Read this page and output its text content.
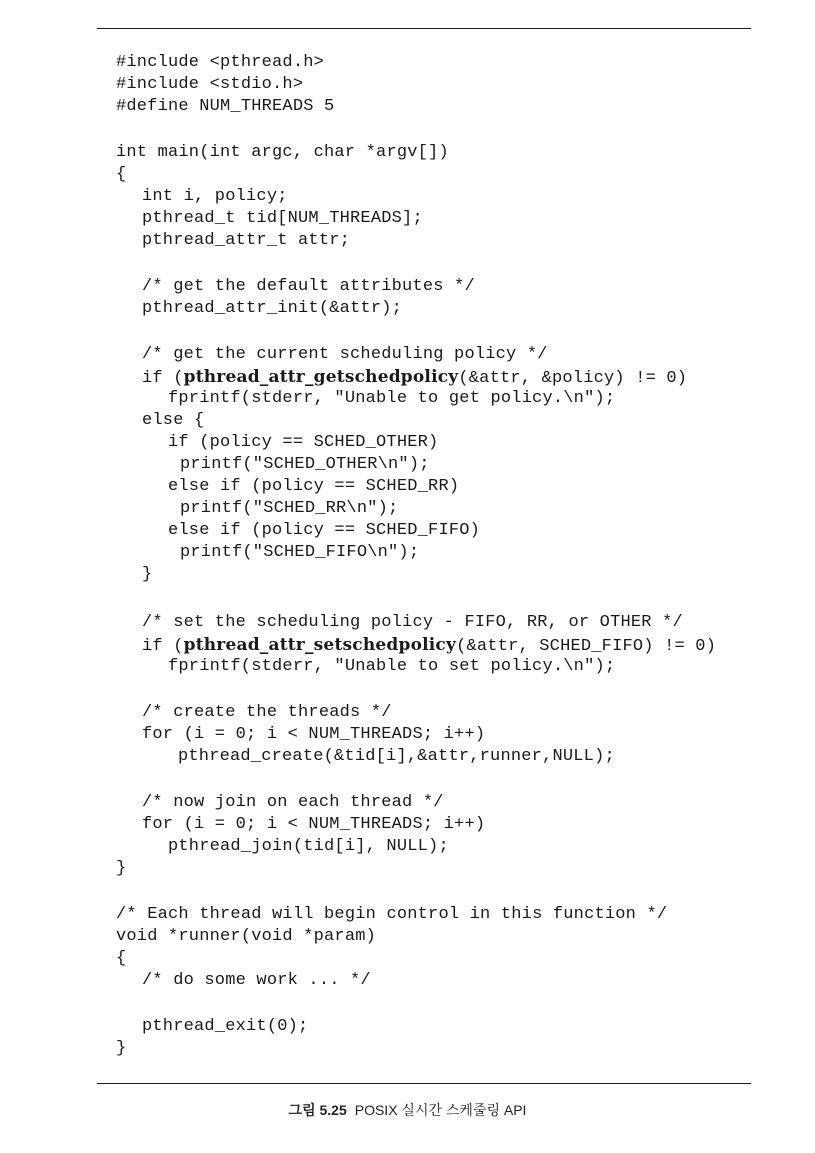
#include <pthread.h>
#include <stdio.h>
#define NUM_THREADS 5
int main(int argc, char *argv[])
{
int i, policy;
pthread_t tid[NUM_THREADS];
pthread_attr_t attr;
/* get the default attributes */
pthread_attr_init(&attr);
/* get the current scheduling policy */
if (pthread_attr_getschedpolicy(&attr, &policy) != 0)
fprintf(stderr, "Unable to get policy.\n");
else {
if (policy == SCHED_OTHER)
printf("SCHED_OTHER\n");
else if (policy == SCHED_RR)
printf("SCHED_RR\n");
else if (policy == SCHED_FIFO)
printf("SCHED_FIFO\n");
}
/* set the scheduling policy - FIFO, RR, or OTHER */
if (pthread_attr_setschedpolicy(&attr, SCHED_FIFO) != 0)
fprintf(stderr, "Unable to set policy.\n");
/* create the threads */
for (i = 0; i < NUM_THREADS; i++)
pthread_create(&tid[i],&attr,runner,NULL);
/* now join on each thread */
for (i = 0; i < NUM_THREADS; i++)
pthread_join(tid[i], NULL);
}
/* Each thread will begin control in this function */
void *runner(void *param)
{
/* do some work ... */
pthread_exit(0);
}
그림 5.25 POSIX 실시간 스케줄링 API
